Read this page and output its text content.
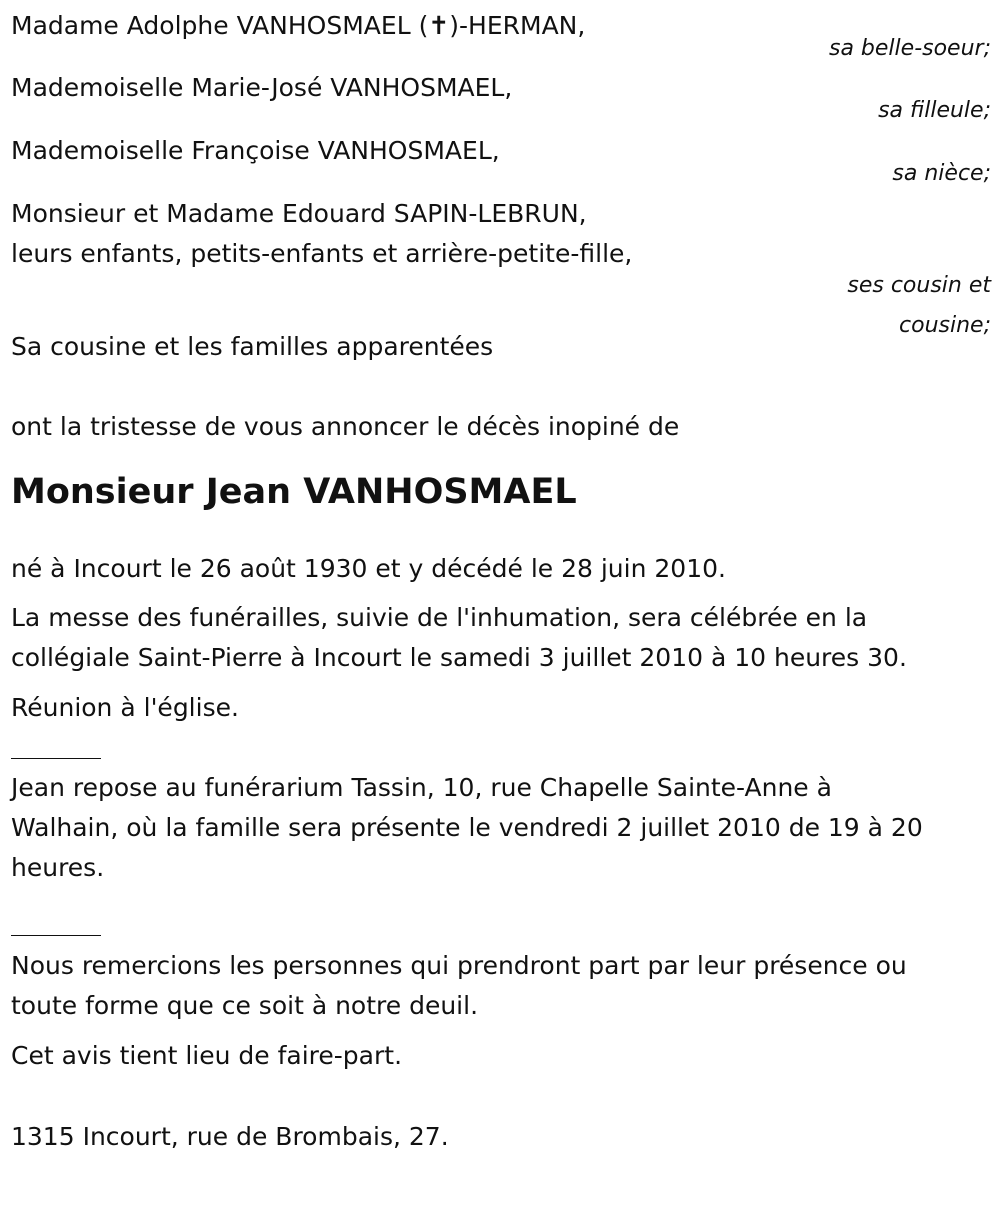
Madame Adolphe VANHOSMAEL (✝)-HERMAN,
sa belle-soeur;
Mademoiselle Marie-José VANHOSMAEL,
sa filleule;
Mademoiselle Françoise VANHOSMAEL,
sa nièce;
Monsieur et Madame Edouard SAPIN-LEBRUN,
leurs enfants, petits-enfants et arrière-petite-fille,
ses cousin et
cousine;
Sa cousine et les familles apparentées
ont la tristesse de vous annoncer le décès inopiné de
Monsieur Jean VANHOSMAEL
né à Incourt le 26 août 1930 et y décédé le 28 juin 2010.
La messe des funérailles, suivie de l'inhumation, sera célébrée en la
collégiale Saint-Pierre à Incourt le samedi 3 juillet 2010 à 10 heures 30.
Réunion à l'église.
Jean repose au funérarium Tassin, 10, rue Chapelle Sainte-Anne à
Walhain, où la famille sera présente le vendredi 2 juillet 2010 de 19 à 20
heures.
Nous remercions les personnes qui prendront part par leur présence ou
toute forme que ce soit à notre deuil.
Cet avis tient lieu de faire-part.
1315 Incourt, rue de Brombais, 27.
